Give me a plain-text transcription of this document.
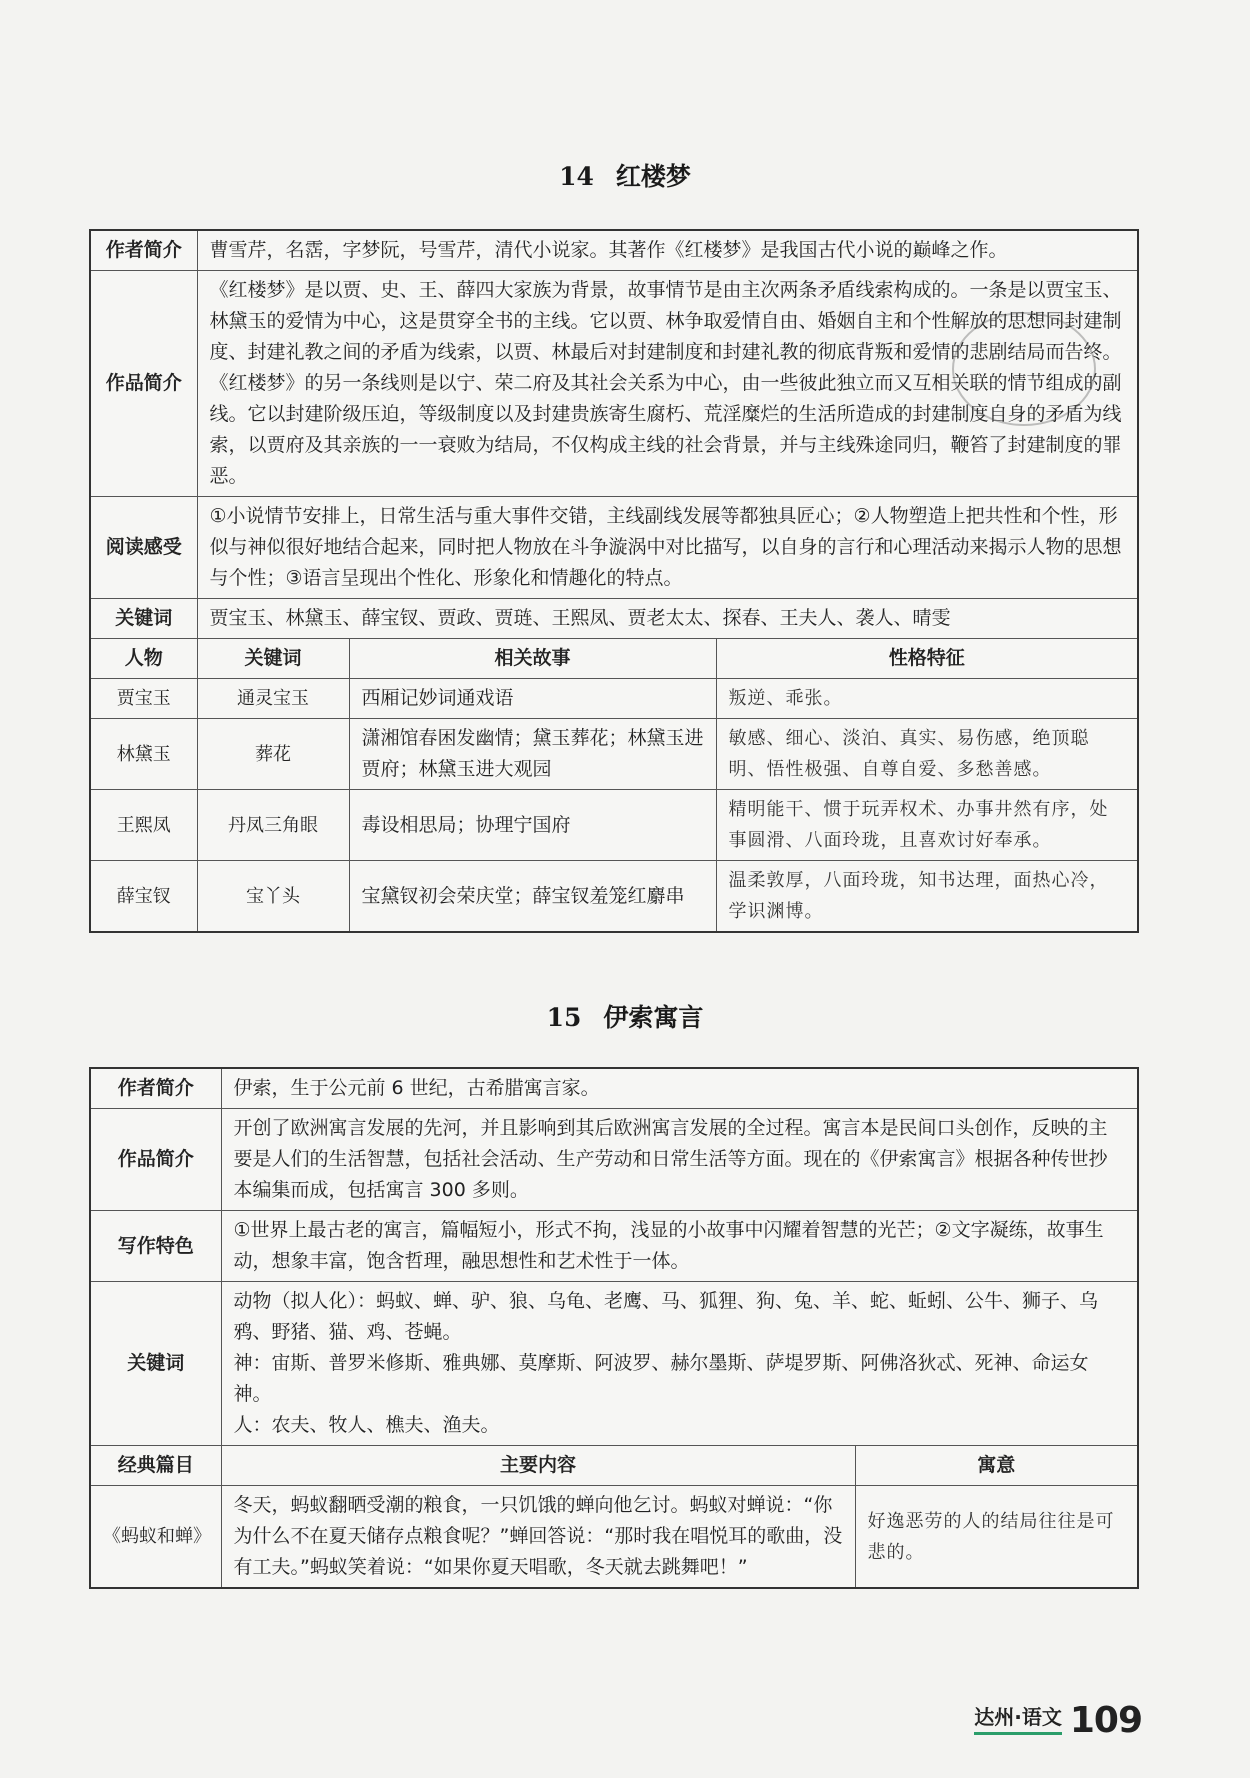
14 红楼梦
作者简介	曹雪芹，名霑，字梦阮，号雪芹，清代小说家。其著作《红楼梦》是我国古代小说的巅峰之作。		
作品简介	《红楼梦》是以贾、史、王、薛四大家族为背景，故事情节是由主次两条矛盾线索构成的。一条是以贾宝玉、林黛玉的爱情为中心，这是贯穿全书的主线。它以贾、林争取爱情自由、婚姻自主和个性解放的思想同封建制度、封建礼教之间的矛盾为线索，以贾、林最后对封建制度和封建礼教的彻底背叛和爱情的悲剧结局而告终。《红楼梦》的另一条线则是以宁、荣二府及其社会关系为中心，由一些彼此独立而又互相关联的情节组成的副线。它以封建阶级压迫，等级制度以及封建贵族寄生腐朽、荒淫糜烂的生活所造成的封建制度自身的矛盾为线索，以贾府及其亲族的一一衰败为结局，不仅构成主线的社会背景，并与主线殊途同归，鞭笞了封建制度的罪恶。		
阅读感受	①小说情节安排上，日常生活与重大事件交错，主线副线发展等都独具匠心；②人物塑造上把共性和个性，形似与神似很好地结合起来，同时把人物放在斗争漩涡中对比描写，以自身的言行和心理活动来揭示人物的思想与个性；③语言呈现出个性化、形象化和情趣化的特点。		
关键词	贾宝玉、林黛玉、薛宝钗、贾政、贾琏、王熙凤、贾老太太、探春、王夫人、袭人、晴雯		
人物	关键词	相关故事	性格特征
贾宝玉	通灵宝玉	西厢记妙词通戏语	叛逆、乖张。
林黛玉	葬花	潇湘馆春困发幽情；黛玉葬花；林黛玉进贾府；林黛玉进大观园	敏感、细心、淡泊、真实、易伤感，绝顶聪明、悟性极强、自尊自爱、多愁善感。
王熙凤	丹凤三角眼	毒设相思局；协理宁国府	精明能干、惯于玩弄权术、办事井然有序，处事圆滑、八面玲珑，且喜欢讨好奉承。
薛宝钗	宝丫头	宝黛钗初会荣庆堂；薛宝钗羞笼红麝串	温柔敦厚，八面玲珑，知书达理，面热心冷，学识渊博。
15 伊索寓言
作者简介	伊索，生于公元前 6 世纪，古希腊寓言家。	
作品简介	开创了欧洲寓言发展的先河，并且影响到其后欧洲寓言发展的全过程。寓言本是民间口头创作，反映的主要是人们的生活智慧，包括社会活动、生产劳动和日常生活等方面。现在的《伊索寓言》根据各种传世抄本编集而成，包括寓言 300 多则。	
写作特色	①世界上最古老的寓言，篇幅短小，形式不拘，浅显的小故事中闪耀着智慧的光芒；②文字凝练，故事生动，想象丰富，饱含哲理，融思想性和艺术性于一体。	
关键词	动物（拟人化）：蚂蚁、蝉、驴、狼、乌龟、老鹰、马、狐狸、狗、兔、羊、蛇、蚯蚓、公牛、狮子、乌鸦、野猪、猫、鸡、苍蝇。
神：宙斯、普罗米修斯、雅典娜、莫摩斯、阿波罗、赫尔墨斯、萨堤罗斯、阿佛洛狄忒、死神、命运女神。
人：农夫、牧人、樵夫、渔夫。	

经典篇目	主要内容	寓意
《蚂蚁和蝉》	冬天，蚂蚁翻晒受潮的粮食，一只饥饿的蝉向他乞讨。蚂蚁对蝉说：“你为什么不在夏天储存点粮食呢？”蝉回答说：“那时我在唱悦耳的歌曲，没有工夫。”蚂蚁笑着说：“如果你夏天唱歌，冬天就去跳舞吧！”	好逸恶劳的人的结局往往是可悲的。
达州·语文 109
